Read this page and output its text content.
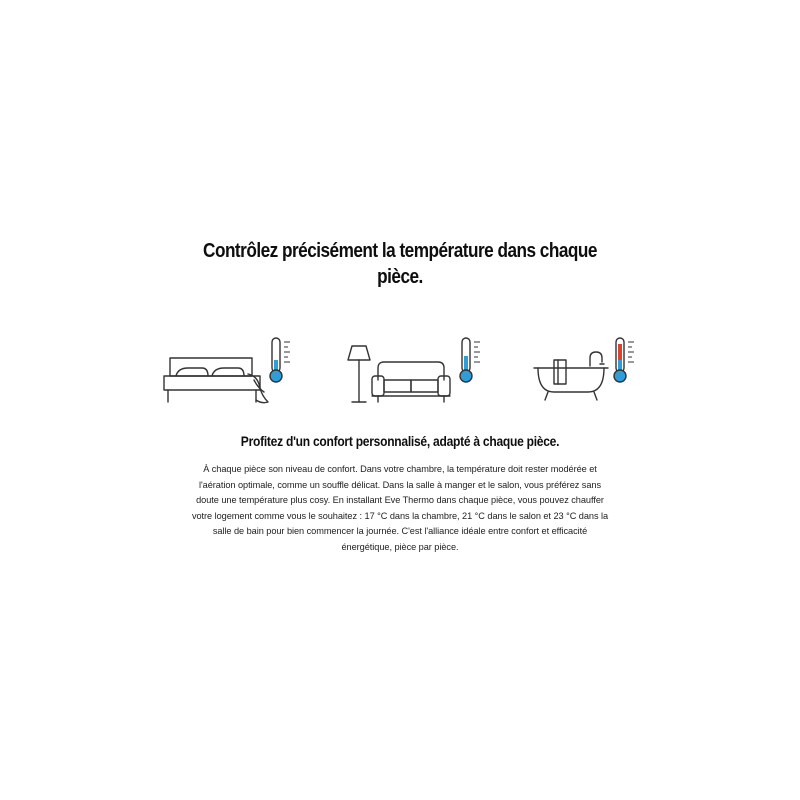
Contrôlez précisément la température dans chaque pièce.
Profitez d'un confort personnalisé, adapté à chaque pièce.
À chaque pièce son niveau de confort. Dans votre chambre, la température doit rester modérée et l'aération optimale, comme un souffle délicat. Dans la salle à manger et le salon, vous préférez sans doute une température plus cosy. En installant Eve Thermo dans chaque pièce, vous pouvez chauffer votre logement comme vous le souhaitez : 17 °C dans la chambre, 21 °C dans le salon et 23 °C dans la salle de bain pour bien commencer la journée. C'est l'alliance idéale entre confort et efficacité énergétique, pièce par pièce.
